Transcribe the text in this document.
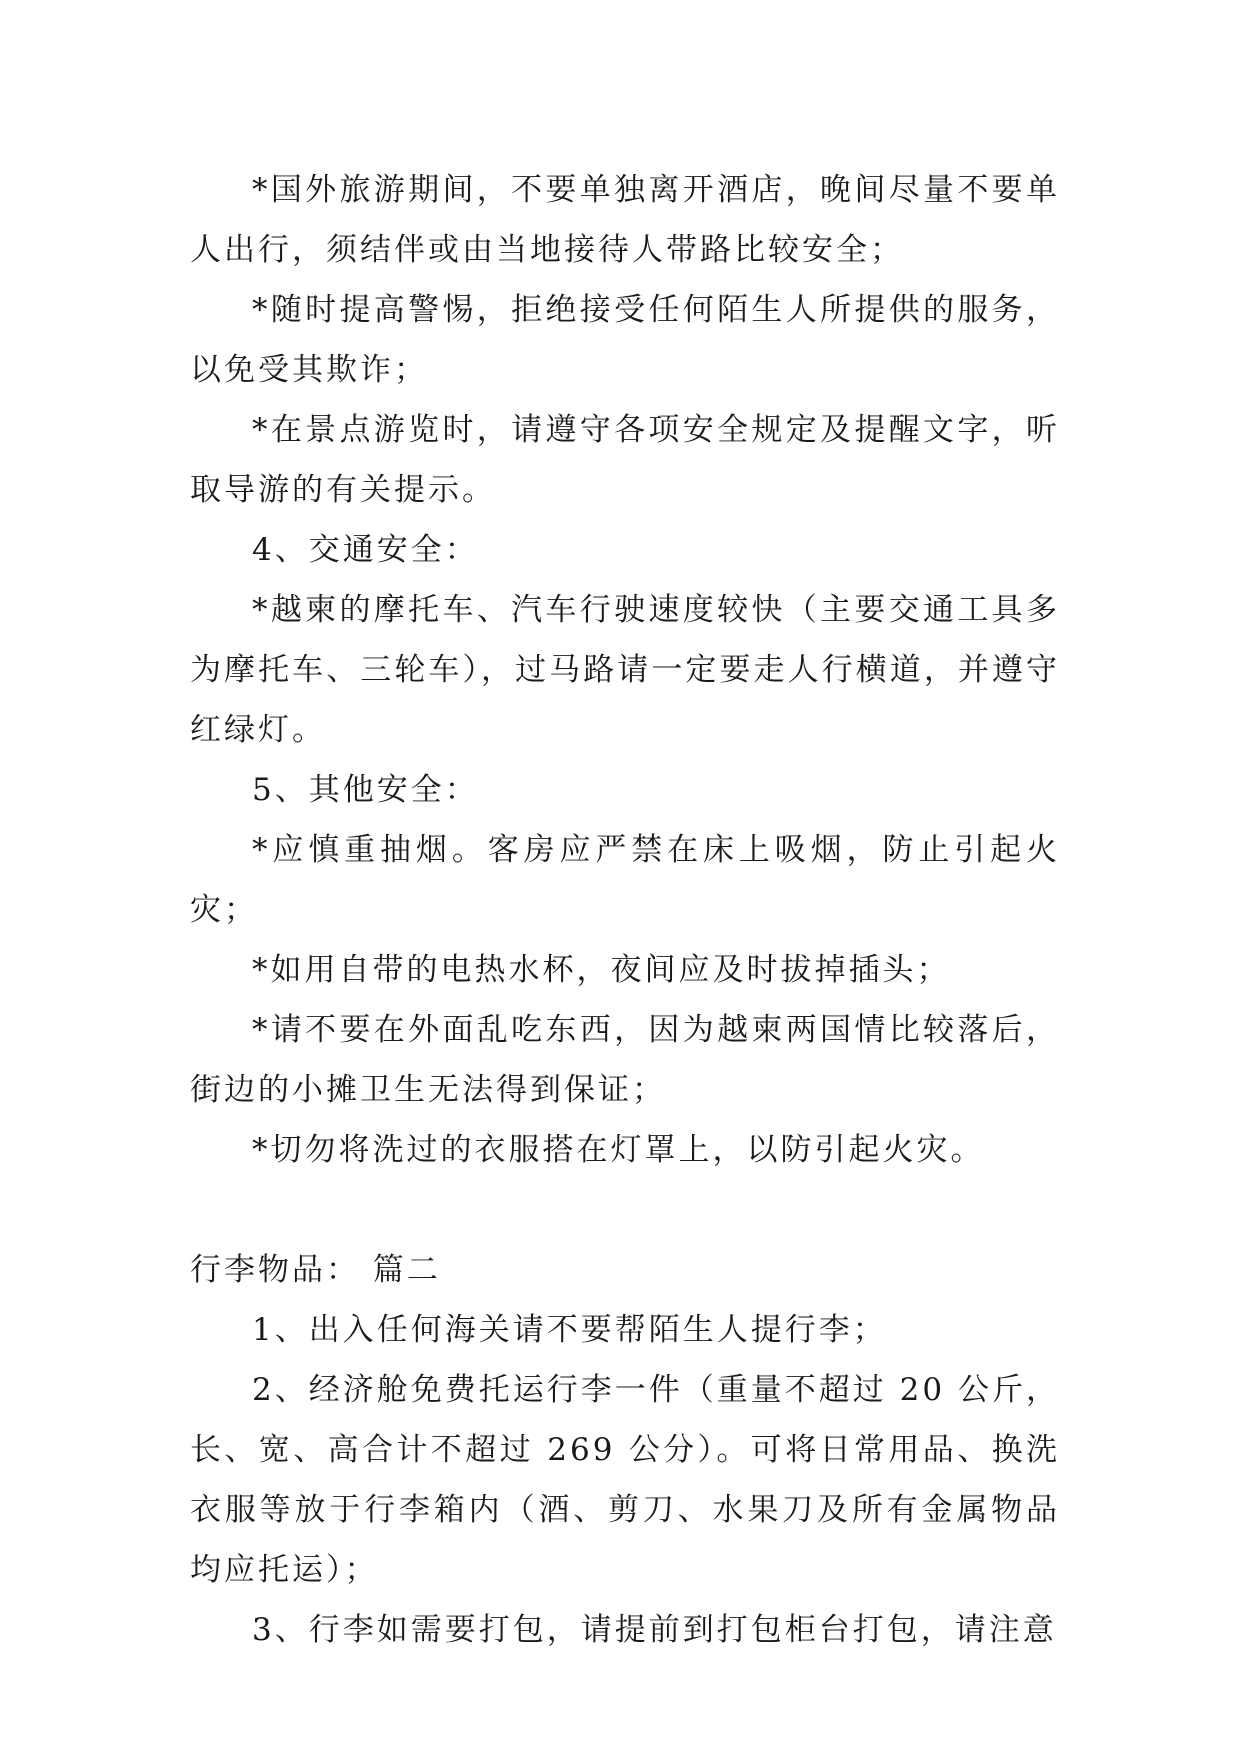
*国外旅游期间，不要单独离开酒店，晚间尽量不要单人出行，须结伴或由当地接待人带路比较安全；

*随时提高警惕，拒绝接受任何陌生人所提供的服务，以免受其欺诈；

*在景点游览时，请遵守各项安全规定及提醒文字，听取导游的有关提示。

4、交通安全：

*越柬的摩托车、汽车行驶速度较快（主要交通工具多为摩托车、三轮车），过马路请一定要走人行横道，并遵守红绿灯。

5、其他安全：

*应慎重抽烟。客房应严禁在床上吸烟，防止引起火灾；

*如用自带的电热水杯，夜间应及时拔掉插头；

*请不要在外面乱吃东西，因为越柬两国情比较落后，街边的小摊卫生无法得到保证；

*切勿将洗过的衣服搭在灯罩上，以防引起火灾。

行李物品： 篇二

1、出入任何海关请不要帮陌生人提行李；

2、经济舱免费托运行李一件（重量不超过 20 公斤，长、宽、高合计不超过 269 公分）。可将日常用品、换洗衣服等放于行李箱内（酒、剪刀、水果刀及所有金属物品均应托运）；

3、行李如需要打包，请提前到打包柜台打包，请注意
